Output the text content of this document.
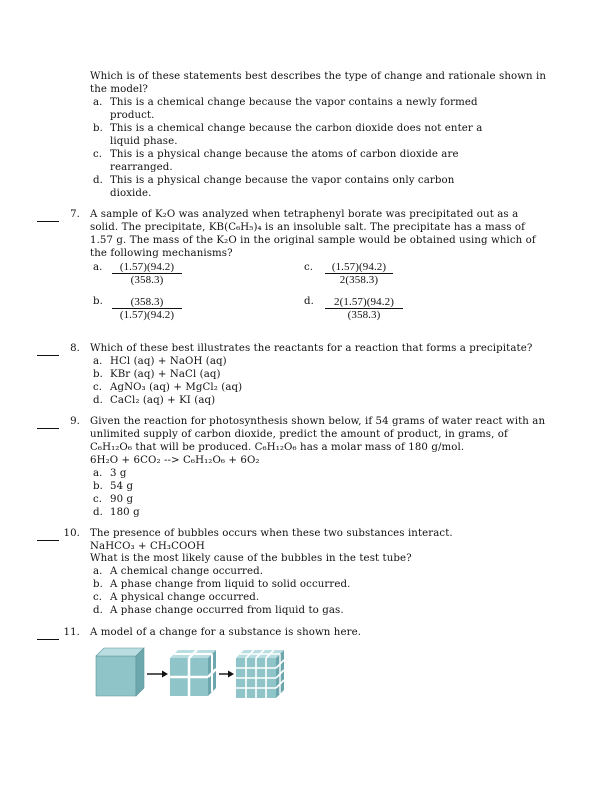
Which is of these statements best describes the type of change and rationale shown in
the model?
a. This is a chemical change because the vapor contains a newly formed
product.
b. This is a chemical change because the carbon dioxide does not enter a
liquid phase.
c. This is a physical change because the atoms of carbon dioxide are
rearranged.
d. This is a physical change because the vapor contains only carbon
dioxide.
7. A sample of K₂O was analyzed when tetraphenyl borate was precipitated out as a
solid. The precipitate, KB(C₆H₅)₄ is an insoluble salt. The precipitate has a mass of
1.57 g. The mass of the K₂O in the original sample would be obtained using which of
the following mechanisms?
a. $\frac{(1.57)(94.2)}{(358.3)}$	c. $\frac{(1.57)(94.2)}{2(358.3)}$
b. $\frac{(358.3)}{(1.57)(94.2)}$	d. $\frac{2(1.57)(94.2)}{(358.3)}$
8. Which of these best illustrates the reactants for a reaction that forms a precipitate?
a. HCl (aq) + NaOH (aq)
b. KBr (aq) + NaCl (aq)
c. AgNO₃ (aq) + MgCl₂ (aq)
d. CaCl₂ (aq) + KI (aq)
9. Given the reaction for photosynthesis shown below, if 54 grams of water react with an
unlimited supply of carbon dioxide, predict the amount of product, in grams, of
C₆H₁₂O₆ that will be produced. C₆H₁₂O₆ has a molar mass of 180 g/mol.
6H₂O + 6CO₂ --> C₆H₁₂O₆ + 6O₂
a. 3 g
b. 54 g
c. 90 g
d. 180 g
10. The presence of bubbles occurs when these two substances interact.
NaHCO₃ + CH₃COOH
What is the most likely cause of the bubbles in the test tube?
a. A chemical change occurred.
b. A phase change from liquid to solid occurred.
c. A physical change occurred.
d. A phase change occurred from liquid to gas.
11. A model of a change for a substance is shown here.
